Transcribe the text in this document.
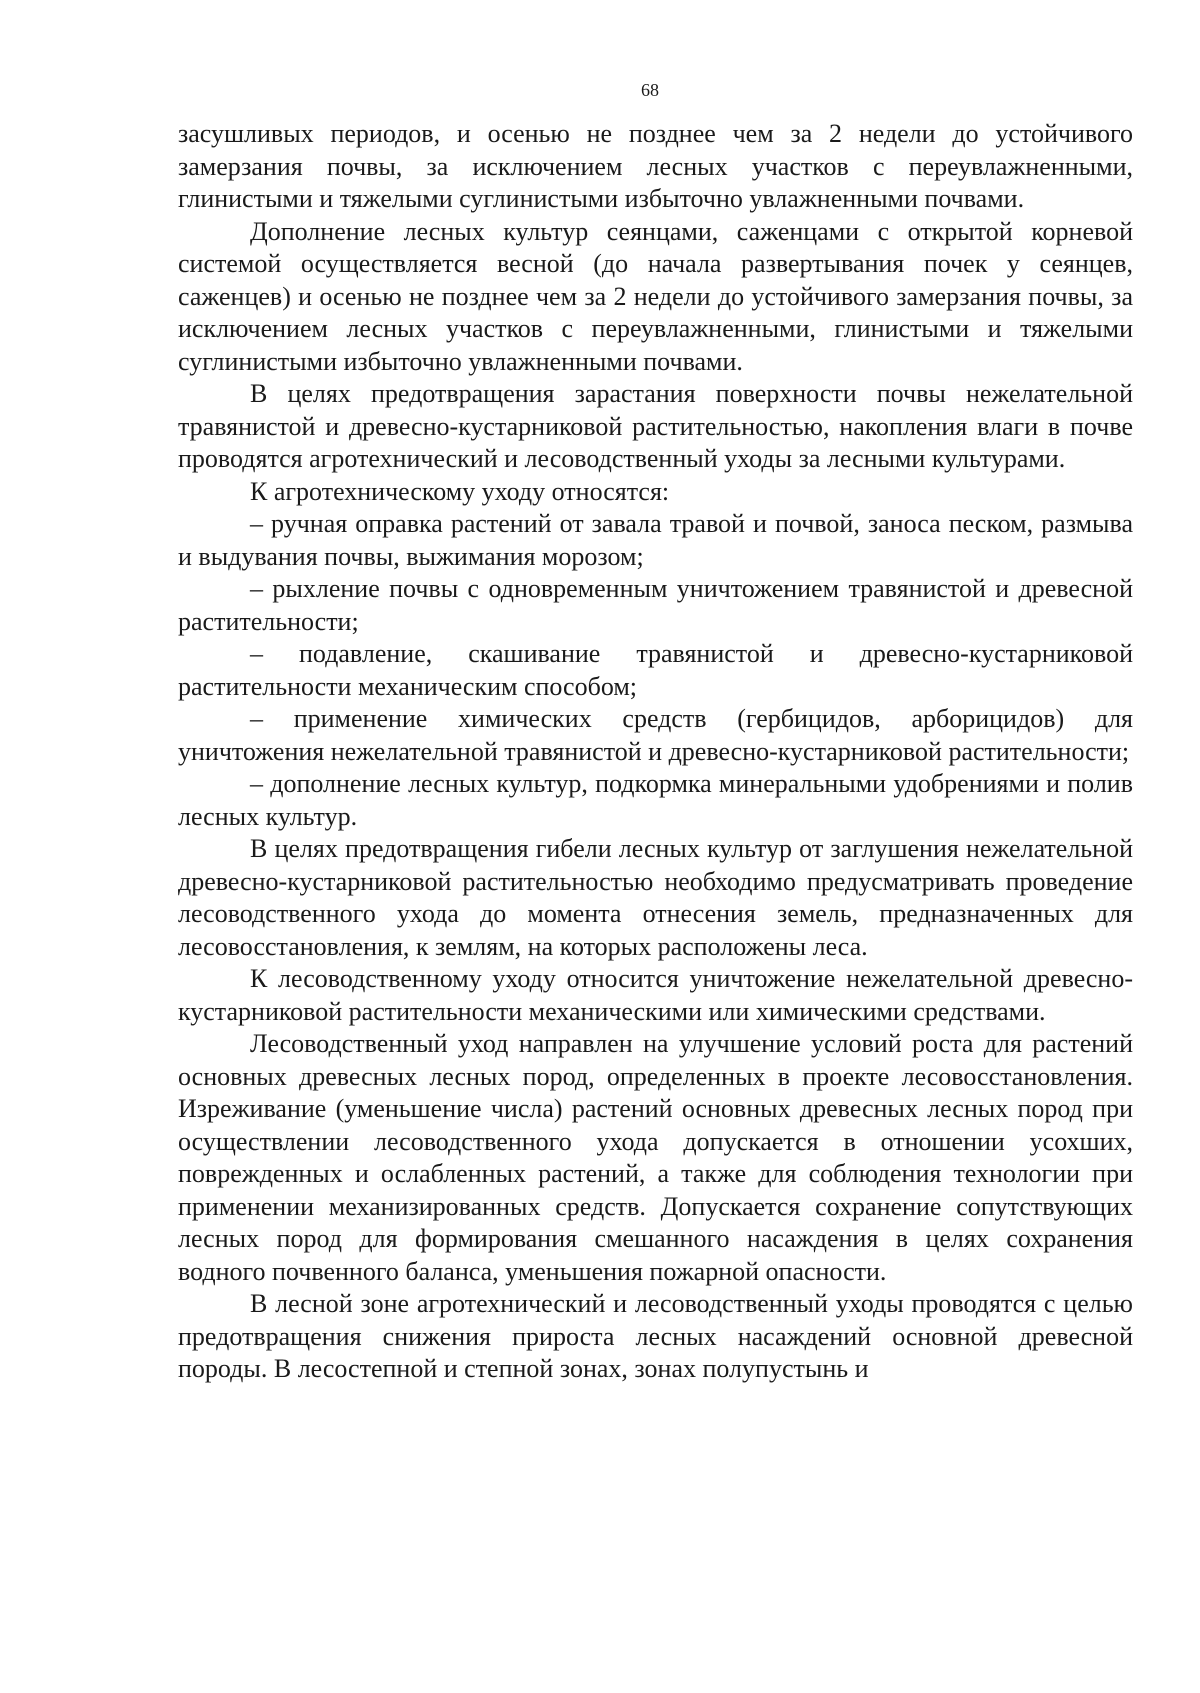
68

засушливых периодов, и осенью не позднее чем за 2 недели до устойчивого замерзания почвы, за исключением лесных участков с переувлажненными, глинистыми и тяжелыми суглинистыми избыточно увлажненными почвами.

Дополнение лесных культур сеянцами, саженцами с открытой корневой системой осуществляется весной (до начала развертывания почек у сеянцев, саженцев) и осенью не позднее чем за 2 недели до устойчивого замерзания почвы, за исключением лесных участков с переувлажненными, глинистыми и тяжелыми суглинистыми избыточно увлажненными почвами.

В целях предотвращения зарастания поверхности почвы нежелательной травянистой и древесно-кустарниковой растительностью, накопления влаги в почве проводятся агротехнический и лесоводственный уходы за лесными культурами.

К агротехническому уходу относятся:

– ручная оправка растений от завала травой и почвой, заноса песком, размыва и выдувания почвы, выжимания морозом;

– рыхление почвы с одновременным уничтожением травянистой и древесной растительности;

– подавление, скашивание травянистой и древесно-кустарниковой растительности механическим способом;

– применение химических средств (гербицидов, арборицидов) для уничтожения нежелательной травянистой и древесно-кустарниковой растительности;

– дополнение лесных культур, подкормка минеральными удобрениями и полив лесных культур.

В целях предотвращения гибели лесных культур от заглушения нежелательной древесно-кустарниковой растительностью необходимо предусматривать проведение лесоводственного ухода до момента отнесения земель, предназначенных для лесовосстановления, к землям, на которых расположены леса.

К лесоводственному уходу относится уничтожение нежелательной древесно-кустарниковой растительности механическими или химическими средствами.

Лесоводственный уход направлен на улучшение условий роста для растений основных древесных лесных пород, определенных в проекте лесовосстановления. Изреживание (уменьшение числа) растений основных древесных лесных пород при осуществлении лесоводственного ухода допускается в отношении усохших, поврежденных и ослабленных растений, а также для соблюдения технологии при применении механизированных средств. Допускается сохранение сопутствующих лесных пород для формирования смешанного насаждения в целях сохранения водного почвенного баланса, уменьшения пожарной опасности.

В лесной зоне агротехнический и лесоводственный уходы проводятся с целью предотвращения снижения прироста лесных насаждений основной древесной породы. В лесостепной и степной зонах, зонах полупустынь и
